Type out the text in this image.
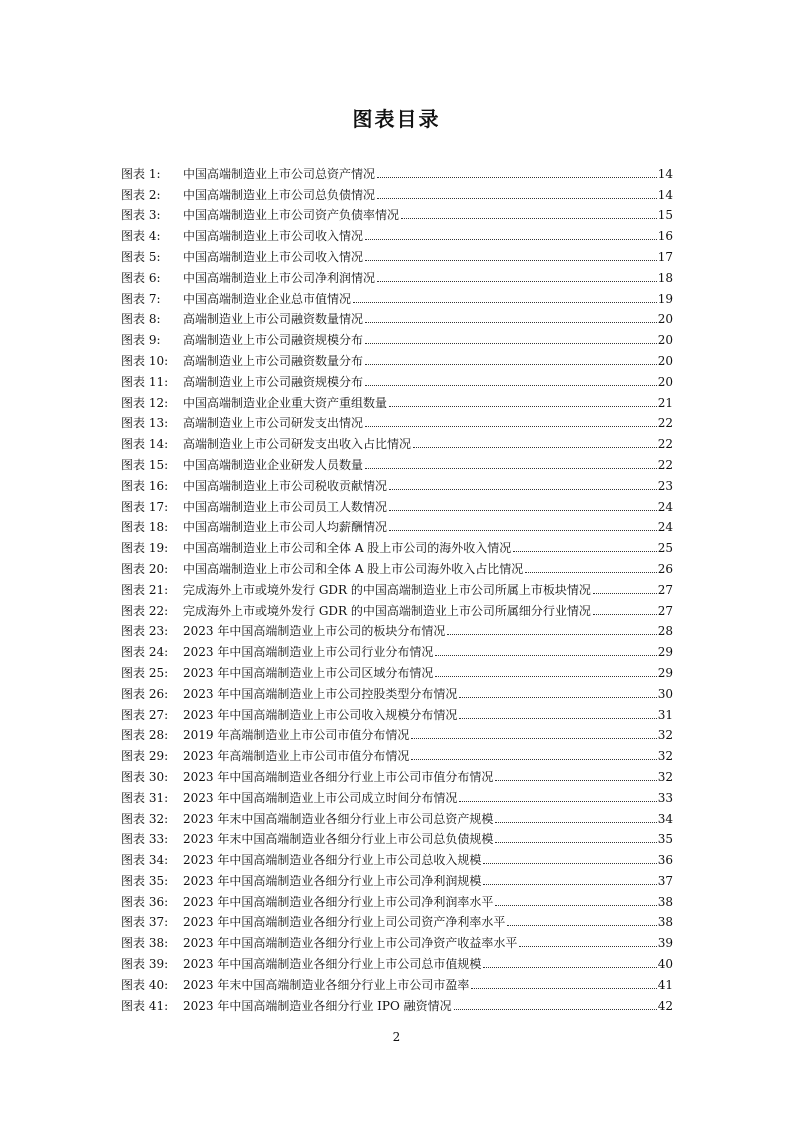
图表目录
图表 1:	中国高端制造业上市公司总资产情况	14
图表 2:	中国高端制造业上市公司总负债情况	14
图表 3:	中国高端制造业上市公司资产负债率情况	15
图表 4:	中国高端制造业上市公司收入情况	16
图表 5:	中国高端制造业上市公司收入情况	17
图表 6:	中国高端制造业上市公司净利润情况	18
图表 7:	中国高端制造业企业总市值情况	19
图表 8:	高端制造业上市公司融资数量情况	20
图表 9:	高端制造业上市公司融资规模分布	20
图表 10:	高端制造业上市公司融资数量分布	20
图表 11:	高端制造业上市公司融资规模分布	20
图表 12:	中国高端制造业企业重大资产重组数量	21
图表 13:	高端制造业上市公司研发支出情况	22
图表 14:	高端制造业上市公司研发支出收入占比情况	22
图表 15:	中国高端制造业企业研发人员数量	22
图表 16:	中国高端制造业上市公司税收贡献情况	23
图表 17:	中国高端制造业上市公司员工人数情况	24
图表 18:	中国高端制造业上市公司人均薪酬情况	24
图表 19:	中国高端制造业上市公司和全体 A 股上市公司的海外收入情况	25
图表 20:	中国高端制造业上市公司和全体 A 股上市公司海外收入占比情况	26
图表 21:	完成海外上市或境外发行 GDR 的中国高端制造业上市公司所属上市板块情况	27
图表 22:	完成海外上市或境外发行 GDR 的中国高端制造业上市公司所属细分行业情况	27
图表 23:	2023 年中国高端制造业上市公司的板块分布情况	28
图表 24:	2023 年中国高端制造业上市公司行业分布情况	29
图表 25:	2023 年中国高端制造业上市公司区域分布情况	29
图表 26:	2023 年中国高端制造业上市公司控股类型分布情况	30
图表 27:	2023 年中国高端制造业上市公司收入规模分布情况	31
图表 28:	2019 年高端制造业上市公司市值分布情况	32
图表 29:	2023 年高端制造业上市公司市值分布情况	32
图表 30:	2023 年中国高端制造业各细分行业上市公司市值分布情况	32
图表 31:	2023 年中国高端制造业上市公司成立时间分布情况	33
图表 32:	2023 年末中国高端制造业各细分行业上市公司总资产规模	34
图表 33:	2023 年末中国高端制造业各细分行业上市公司总负债规模	35
图表 34:	2023 年中国高端制造业各细分行业上市公司总收入规模	36
图表 35:	2023 年中国高端制造业各细分行业上市公司净利润规模	37
图表 36:	2023 年中国高端制造业各细分行业上市公司净利润率水平	38
图表 37:	2023 年中国高端制造业各细分行业上司公司资产净利率水平	38
图表 38:	2023 年中国高端制造业各细分行业上市公司净资产收益率水平	39
图表 39:	2023 年中国高端制造业各细分行业上市公司总市值规模	40
图表 40:	2023 年末中国高端制造业各细分行业上市公司市盈率	41
图表 41:	2023 年中国高端制造业各细分行业 IPO 融资情况	42
2
